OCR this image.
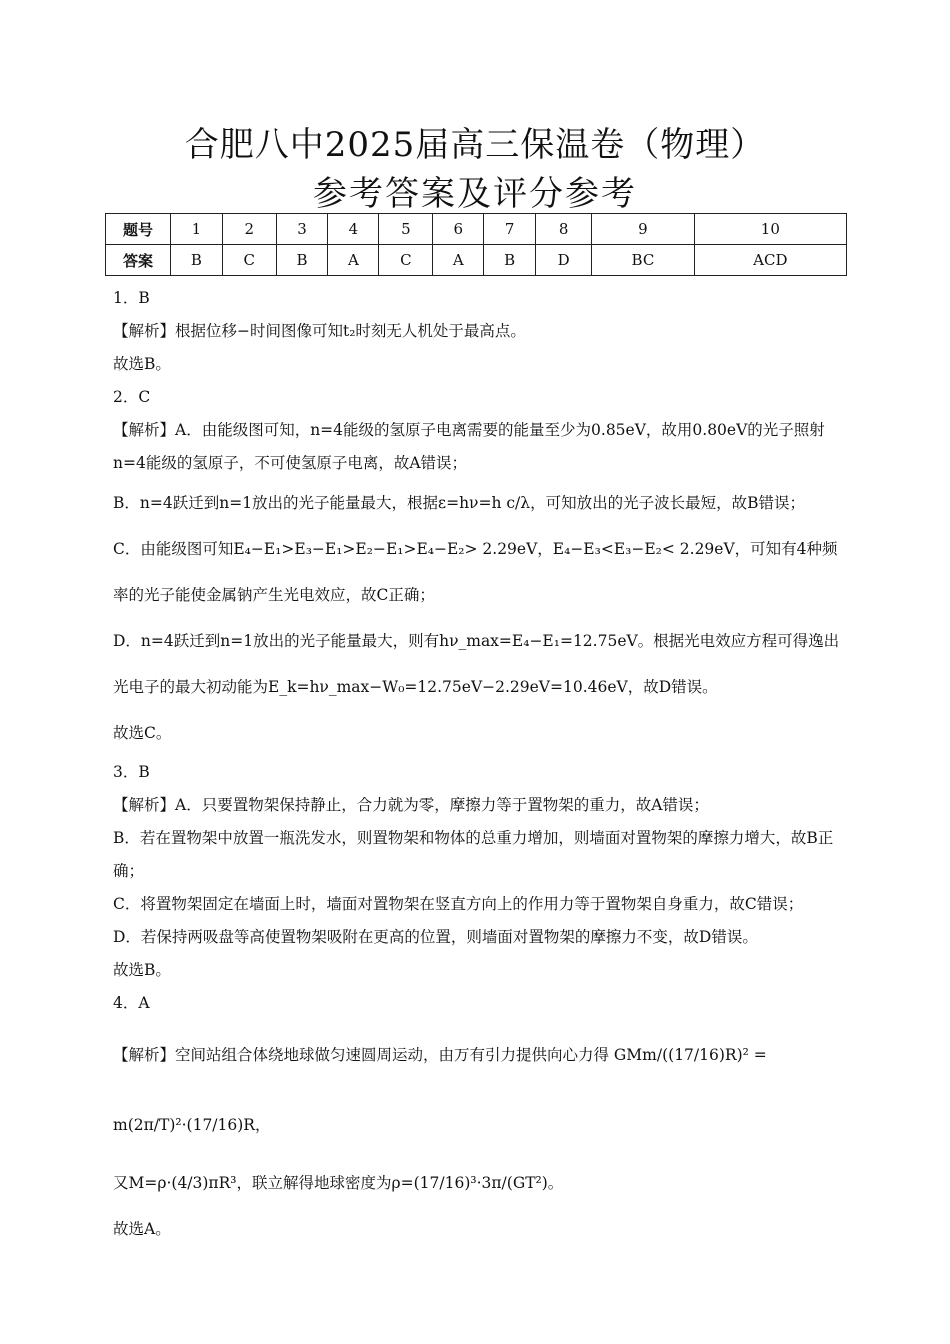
合肥八中2025届高三保温卷（物理）
参考答案及评分参考
题号	1	2	3	4	5	6	7	8	9	10
答案	B	C	B	A	C	A	B	D	BC	ACD

1．B

【解析】根据位移−时间图像可知t₂时刻无人机处于最高点。

故选B。

2．C

【解析】A．由能级图可知，n=4能级的氢原子电离需要的能量至少为0.85eV，故用0.80eV的光子照射n=4能级的氢原子，不可使氢原子电离，故A错误；

B．n=4跃迁到n=1放出的光子能量最大，根据ε=hν=h c/λ，可知放出的光子波长最短，故B错误；

C．由能级图可知E₄−E₁>E₃−E₁>E₂−E₁>E₄−E₂> 2.29eV，E₄−E₃<E₃−E₂< 2.29eV，可知有4种频率的光子能使金属钠产生光电效应，故C正确；

D．n=4跃迁到n=1放出的光子能量最大，则有hν_max=E₄−E₁=12.75eV。根据光电效应方程可得逸出光电子的最大初动能为E_k=hν_max−W₀=12.75eV−2.29eV=10.46eV，故D错误。

故选C。

3．B

【解析】A．只要置物架保持静止，合力就为零，摩擦力等于置物架的重力，故A错误；

B．若在置物架中放置一瓶洗发水，则置物架和物体的总重力增加，则墙面对置物架的摩擦力增大，故B正确；

C．将置物架固定在墙面上时，墙面对置物架在竖直方向上的作用力等于置物架自身重力，故C错误；

D．若保持两吸盘等高使置物架吸附在更高的位置，则墙面对置物架的摩擦力不变，故D错误。

故选B。

4．A

【解析】空间站组合体绕地球做匀速圆周运动，由万有引力提供向心力得 GMm/((17/16)R)² = m(2π/T)²·(17/16)R，

又M=ρ·(4/3)πR³，联立解得地球密度为ρ=(17/16)³·3π/(GT²)。

故选A。
